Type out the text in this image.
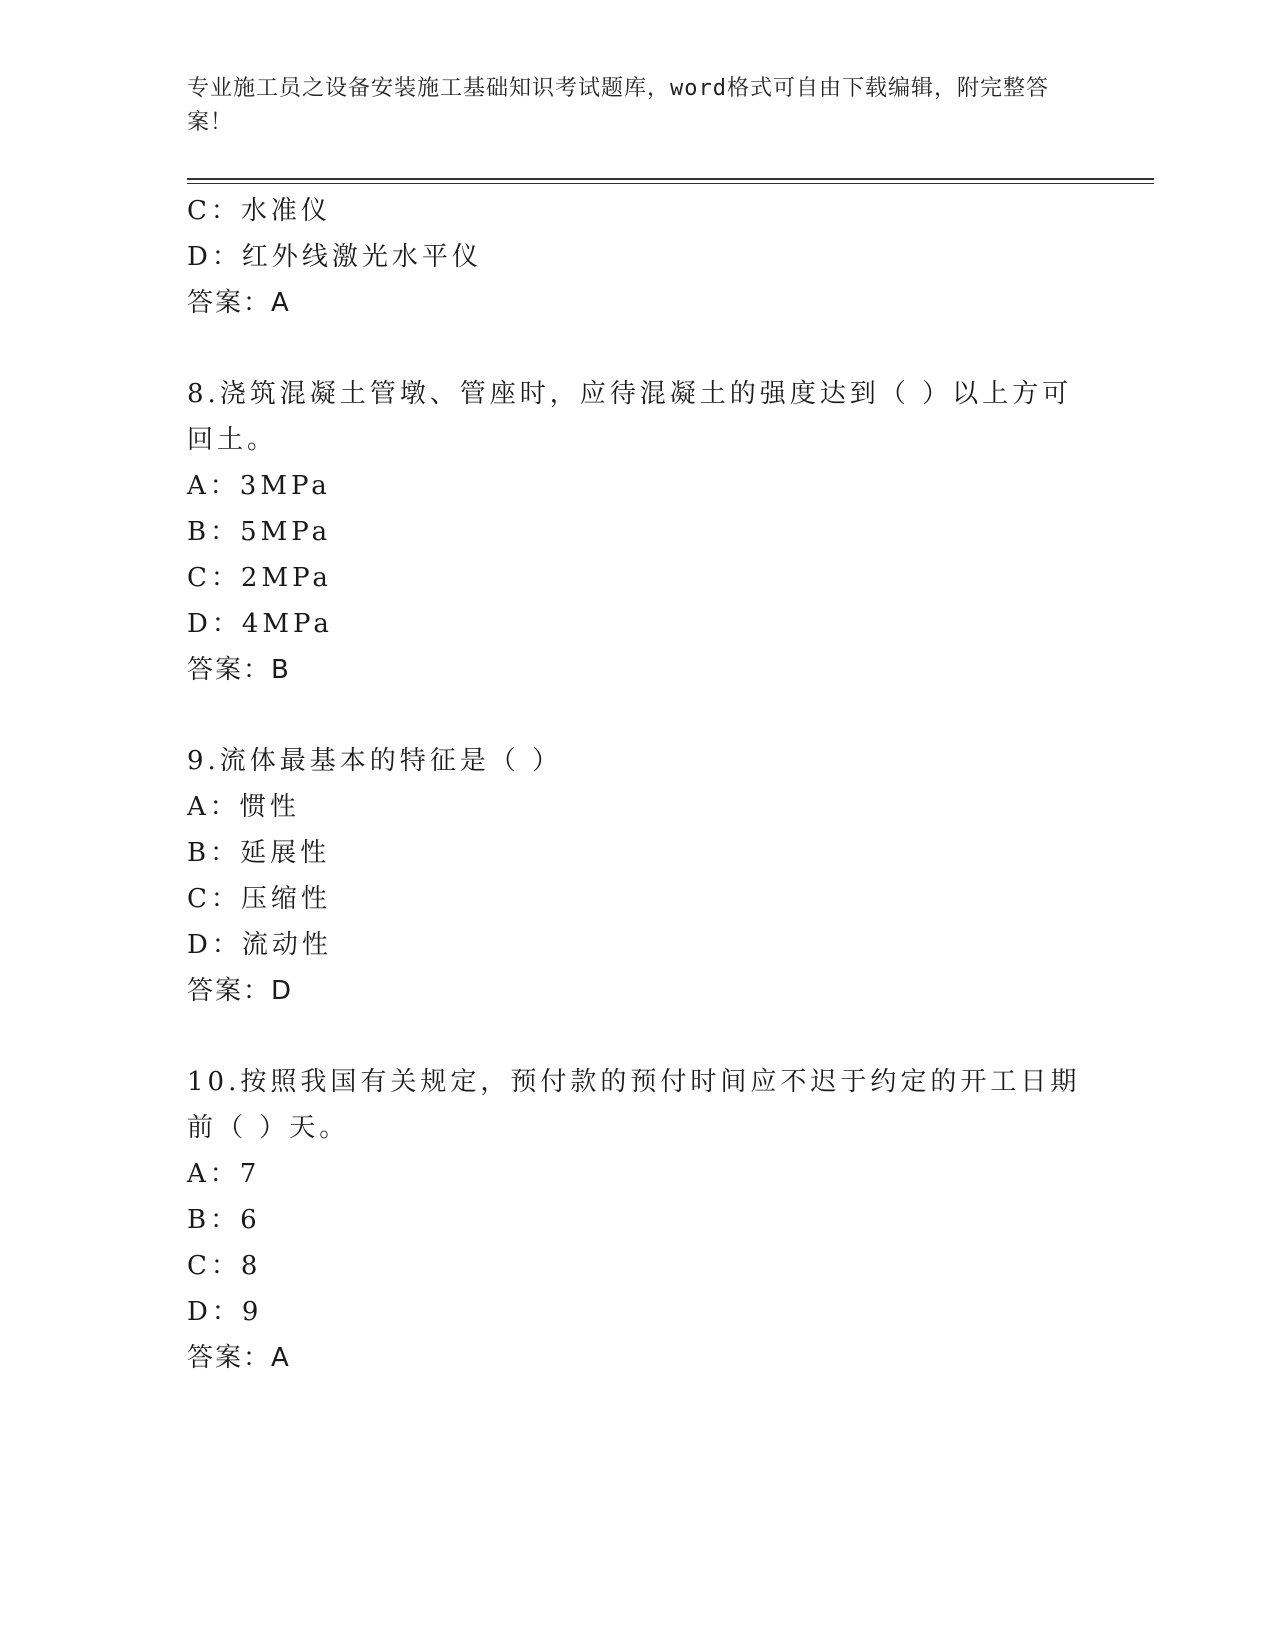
专业施工员之设备安装施工基础知识考试题库，word格式可自由下载编辑，附完整答案！
C：水准仪
D：红外线激光水平仪
答案：A
8.浇筑混凝土管墩、管座时，应待混凝土的强度达到（ ）以上方可回土。
A：3MPa
B：5MPa
C：2MPa
D：4MPa
答案：B
9.流体最基本的特征是（ ）
A：惯性
B：延展性
C：压缩性
D：流动性
答案：D
10.按照我国有关规定，预付款的预付时间应不迟于约定的开工日期前（ ）天。
A：7
B：6
C：8
D：9
答案：A
